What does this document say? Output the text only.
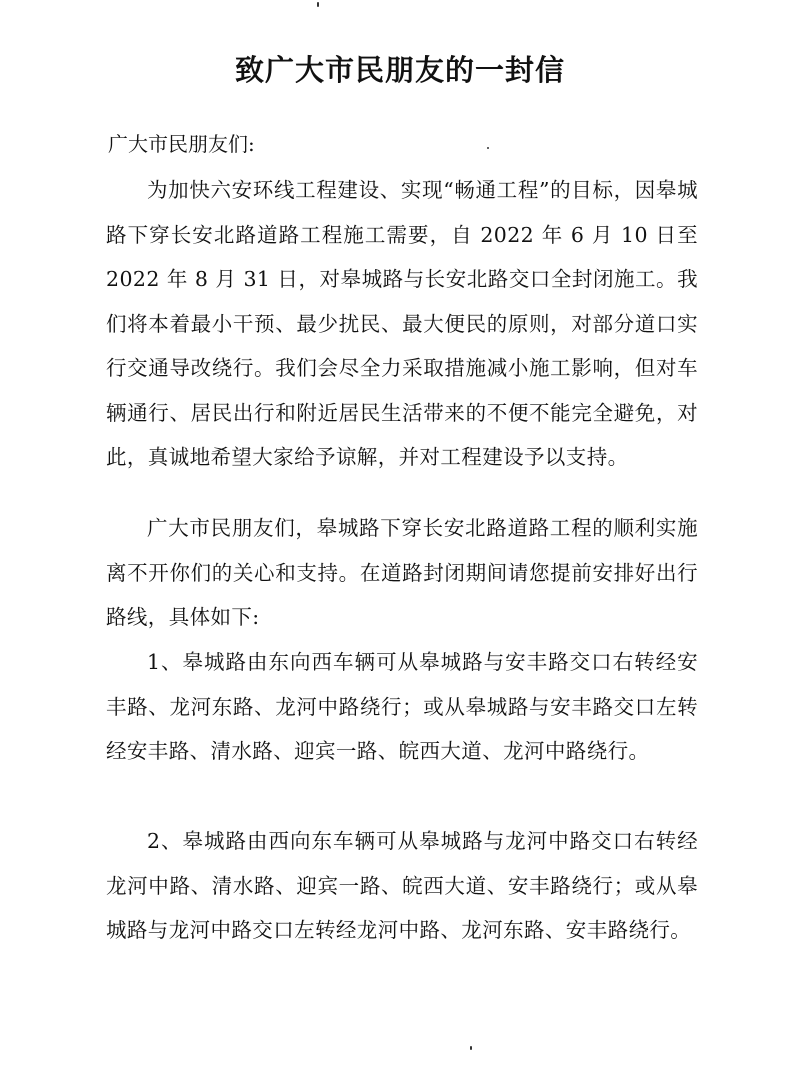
致广大市民朋友的一封信

广大市民朋友们:

为加快六安环线工程建设、实现“畅通工程”的目标，因皋城路下穿长安北路道路工程施工需要，自 2022 年 6 月 10 日至 2022 年 8 月 31 日，对皋城路与长安北路交口全封闭施工。我们将本着最小干预、最少扰民、最大便民的原则，对部分道口实行交通导改绕行。我们会尽全力采取措施减小施工影响，但对车辆通行、居民出行和附近居民生活带来的不便不能完全避免，对此，真诚地希望大家给予谅解，并对工程建设予以支持。

广大市民朋友们，皋城路下穿长安北路道路工程的顺利实施离不开你们的关心和支持。在道路封闭期间请您提前安排好出行路线，具体如下:

1、皋城路由东向西车辆可从皋城路与安丰路交口右转经安丰路、龙河东路、龙河中路绕行；或从皋城路与安丰路交口左转经安丰路、清水路、迎宾一路、皖西大道、龙河中路绕行。

2、皋城路由西向东车辆可从皋城路与龙河中路交口右转经龙河中路、清水路、迎宾一路、皖西大道、安丰路绕行；或从皋城路与龙河中路交口左转经龙河中路、龙河东路、安丰路绕行。
